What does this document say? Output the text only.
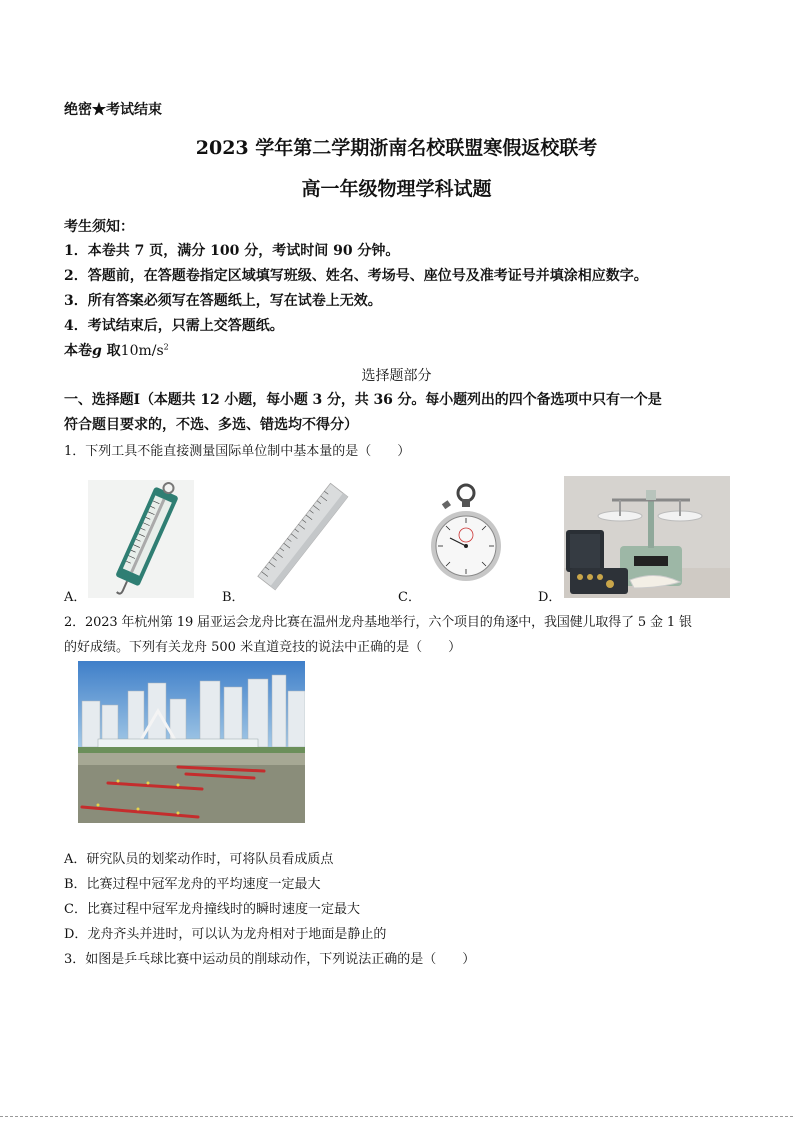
绝密★考试结束
2023 学年第二学期浙南名校联盟寒假返校联考
高一年级物理学科试题
考生须知：
1．本卷共 7 页，满分 100 分，考试时间 90 分钟。
2．答题前，在答题卷指定区域填写班级、姓名、考场号、座位号及准考证号并填涂相应数字。
3．所有答案必须写在答题纸上，写在试卷上无效。
4．考试结束后，只需上交答题纸。
本卷g 取$10m/s^2$
选择题部分
一、选择题Ⅰ（本题共 12 小题，每小题 3 分，共 36 分。每小题列出的四个备选项中只有一个是
符合题目要求的，不选、多选、错选均不得分）
1．下列工具不能直接测量国际单位制中基本量的是（　　）
A．	B．	C．	D．
2．2023 年杭州第 19 届亚运会龙舟比赛在温州龙舟基地举行，六个项目的角逐中，我国健儿取得了 5 金 1 银
的好成绩。下列有关龙舟 500 米直道竞技的说法中正确的是（　　）
A．研究队员的划桨动作时，可将队员看成质点
B．比赛过程中冠军龙舟的平均速度一定最大
C．比赛过程中冠军龙舟撞线时的瞬时速度一定最大
D．龙舟齐头并进时，可以认为龙舟相对于地面是静止的
3．如图是乒乓球比赛中运动员的削球动作，下列说法正确的是（　　）
